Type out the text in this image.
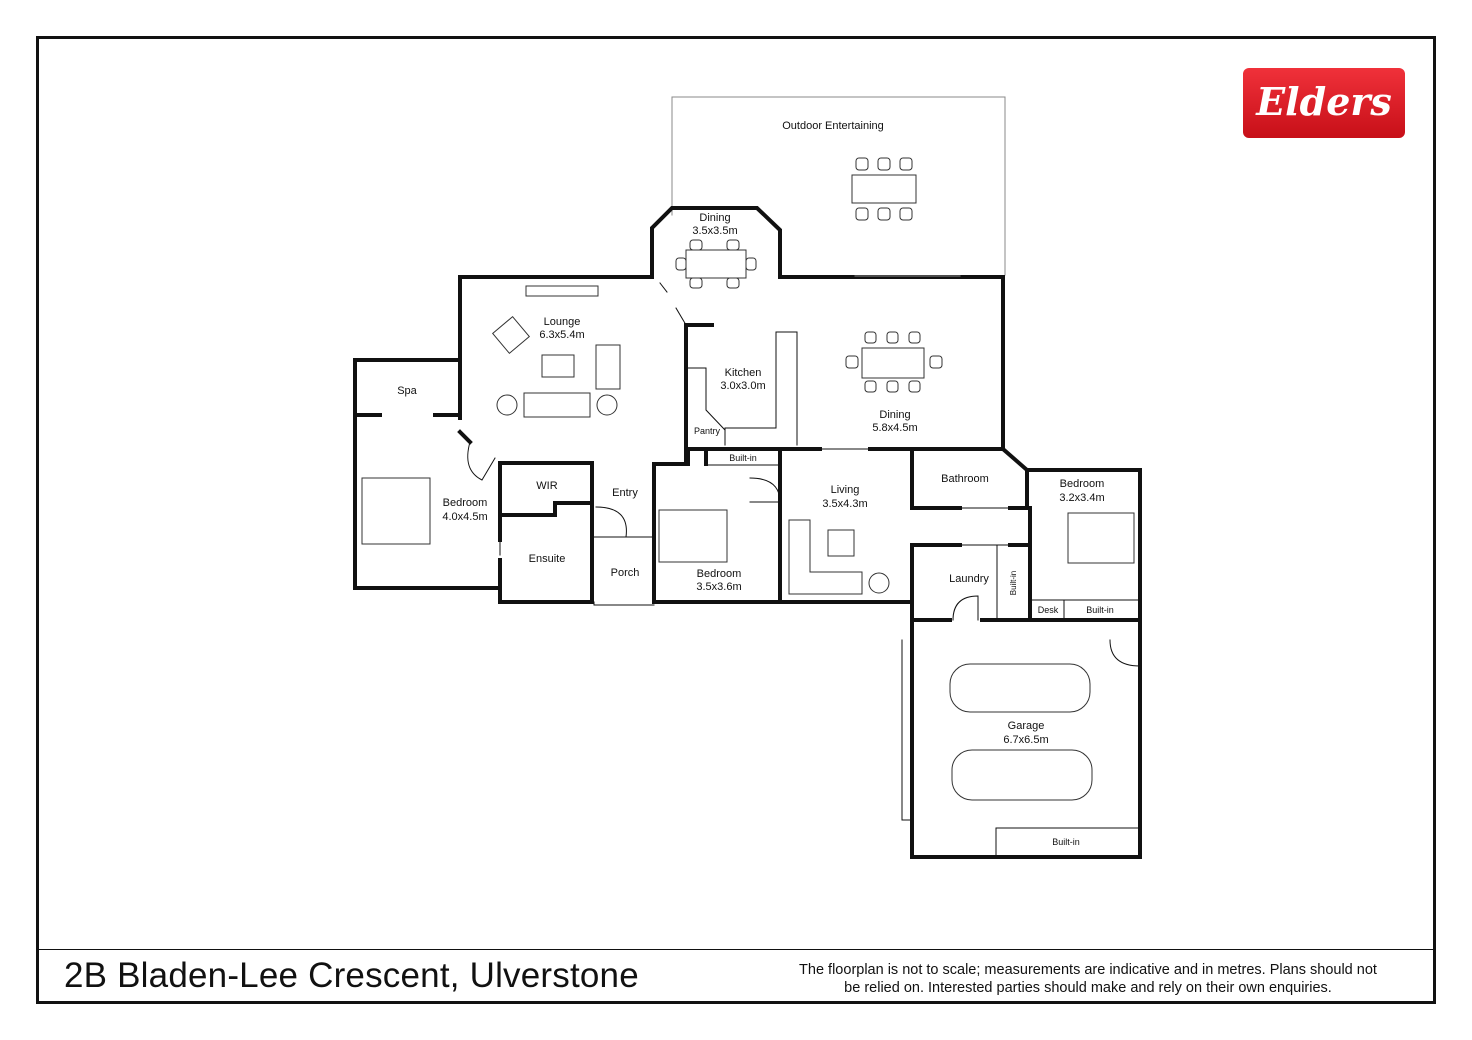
Elders
Outdoor Entertaining
Dining
3.5x3.5m
Lounge
6.3x5.4m
Kitchen
3.0x3.0m
Dining
5.8x4.5m
Pantry
Spa
Bedroom
4.0x4.5m
WIR
Ensuite
Entry
Porch	Bedroom
3.5x3.6m
Built-in
Living
3.5x4.3m
Bathroom	Bedroom
3.2x3.4m
Laundry	Built-in
Desk	Built-in
Garage
6.7x6.5m
Built-in
2B Bladen-Lee Crescent, Ulverstone	The floorplan is not to scale; measurements are indicative and in metres. Plans should not
be relied on. Interested parties should make and rely on their own enquiries.
